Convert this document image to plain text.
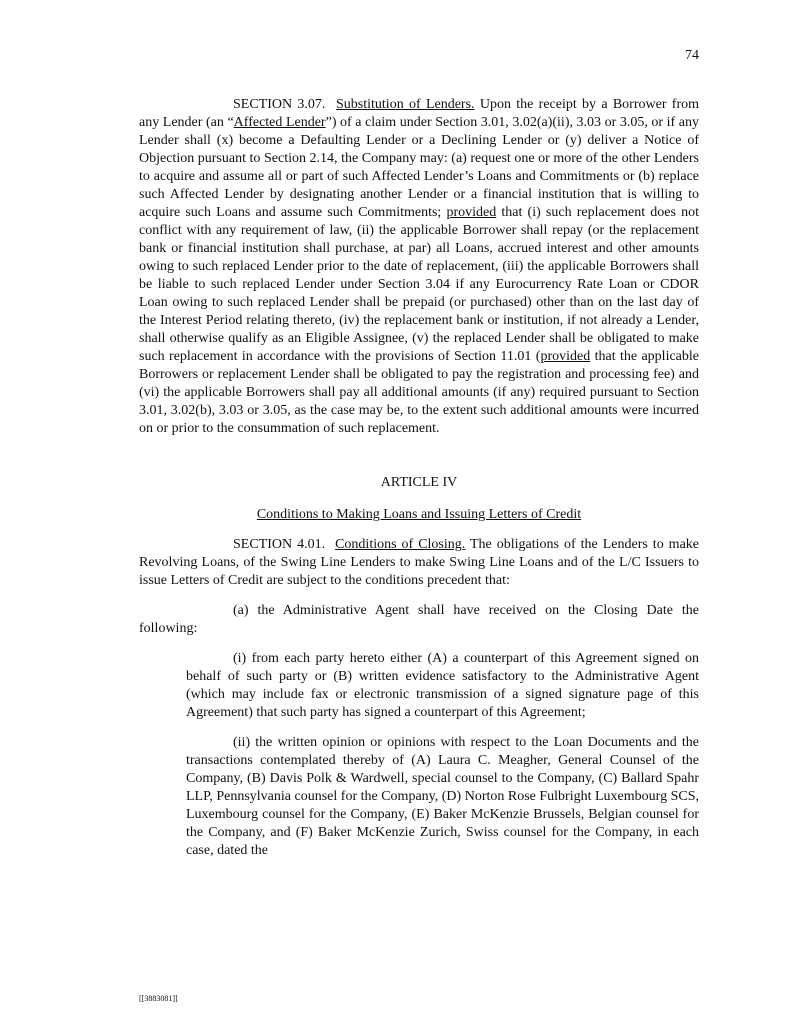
74

SECTION 3.07. Substitution of Lenders. Upon the receipt by a Borrower from any Lender (an “Affected Lender”) of a claim under Section 3.01, 3.02(a)(ii), 3.03 or 3.05, or if any Lender shall (x) become a Defaulting Lender or a Declining Lender or (y) deliver a Notice of Objection pursuant to Section 2.14, the Company may: (a) request one or more of the other Lenders to acquire and assume all or part of such Affected Lender’s Loans and Commitments or (b) replace such Affected Lender by designating another Lender or a financial institution that is willing to acquire such Loans and assume such Commitments; provided that (i) such replacement does not conflict with any requirement of law, (ii) the applicable Borrower shall repay (or the replacement bank or financial institution shall purchase, at par) all Loans, accrued interest and other amounts owing to such replaced Lender prior to the date of replacement, (iii) the applicable Borrowers shall be liable to such replaced Lender under Section 3.04 if any Eurocurrency Rate Loan or CDOR Loan owing to such replaced Lender shall be prepaid (or purchased) other than on the last day of the Interest Period relating thereto, (iv) the replacement bank or institution, if not already a Lender, shall otherwise qualify as an Eligible Assignee, (v) the replaced Lender shall be obligated to make such replacement in accordance with the provisions of Section 11.01 (provided that the applicable Borrowers or replacement Lender shall be obligated to pay the registration and processing fee) and (vi) the applicable Borrowers shall pay all additional amounts (if any) required pursuant to Section 3.01, 3.02(b), 3.03 or 3.05, as the case may be, to the extent such additional amounts were incurred on or prior to the consummation of such replacement.

ARTICLE IV

Conditions to Making Loans and Issuing Letters of Credit

SECTION 4.01. Conditions of Closing. The obligations of the Lenders to make Revolving Loans, of the Swing Line Lenders to make Swing Line Loans and of the L/C Issuers to issue Letters of Credit are subject to the conditions precedent that:

(a) the Administrative Agent shall have received on the Closing Date the following:

(i) from each party hereto either (A) a counterpart of this Agreement signed on behalf of such party or (B) written evidence satisfactory to the Administrative Agent (which may include fax or electronic transmission of a signed signature page of this Agreement) that such party has signed a counterpart of this Agreement;

(ii) the written opinion or opinions with respect to the Loan Documents and the transactions contemplated thereby of (A) Laura C. Meagher, General Counsel of the Company, (B) Davis Polk & Wardwell, special counsel to the Company, (C) Ballard Spahr LLP, Pennsylvania counsel for the Company, (D) Norton Rose Fulbright Luxembourg SCS, Luxembourg counsel for the Company, (E) Baker McKenzie Brussels, Belgian counsel for the Company, and (F) Baker McKenzie Zurich, Swiss counsel for the Company, in each case, dated the

[[3883081]]
